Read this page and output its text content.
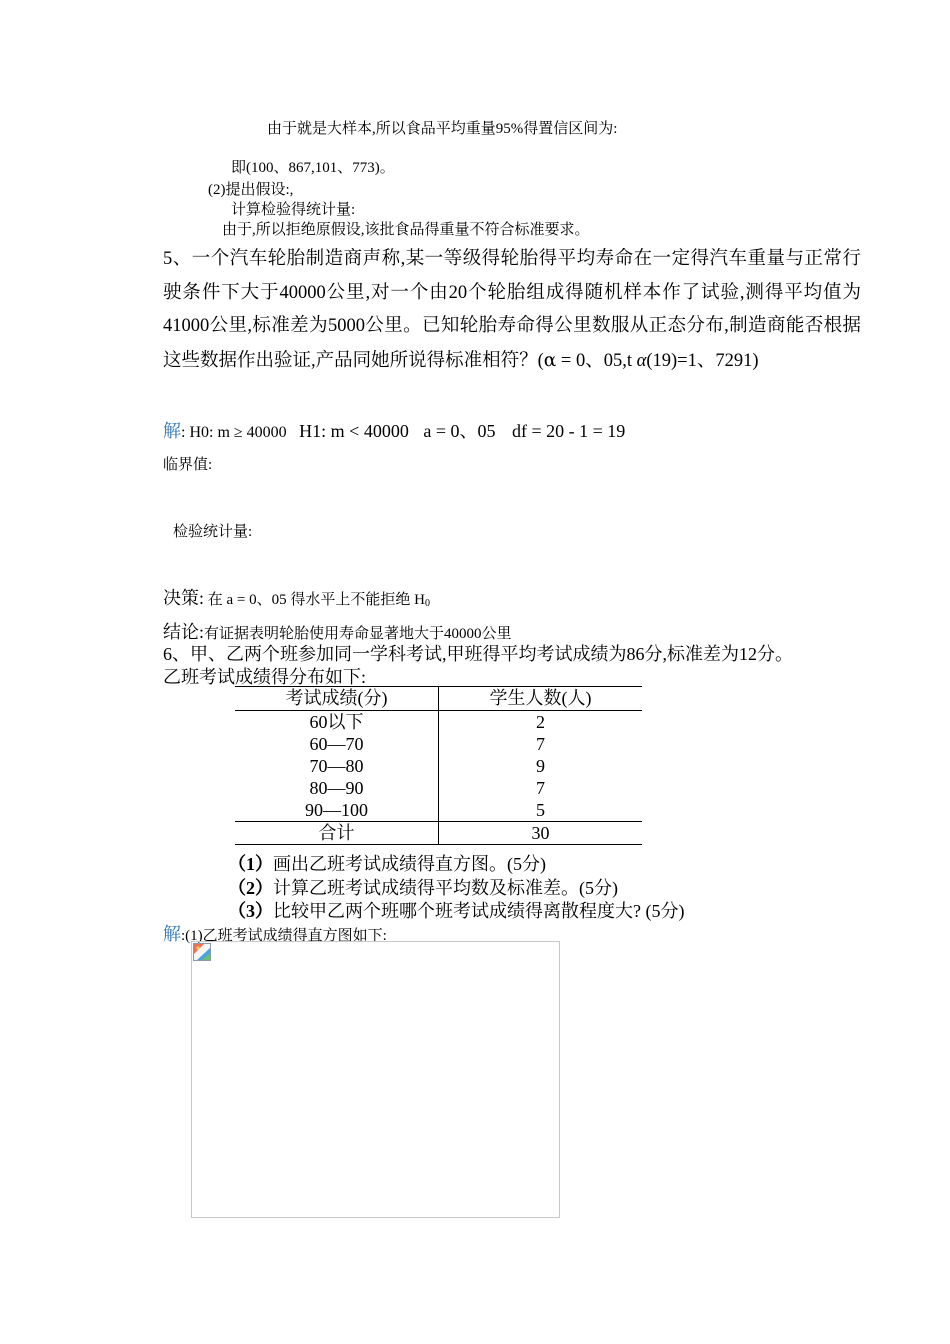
由于就是大样本,所以食品平均重量95%得置信区间为:
即(100、867,101、773)。
(2)提出假设:,
计算检验得统计量:
由于,所以拒绝原假设,该批食品得重量不符合标准要求。
5、一个汽车轮胎制造商声称,某一等级得轮胎得平均寿命在一定得汽车重量与正常行驶条件下大于40000公里,对一个由20个轮胎组成得随机样本作了试验,测得平均值为41000公里,标准差为5000公里。已知轮胎寿命得公里数服从正态分布,制造商能否根据这些数据作出验证,产品同她所说得标准相符？(α = 0、05,t α(19)=1、7291)
解: H0: m ≥ 40000 H1: m < 40000 a = 0、05 df = 20 - 1 = 19
临界值:
检验统计量:
决策: 在 a = 0、05 得水平上不能拒绝 $H_0$
结论:有证据表明轮胎使用寿命显著地大于40000公里
6、甲、乙两个班参加同一学科考试,甲班得平均考试成绩为86分,标准差为12分。
乙班考试成绩得分布如下:
考试成绩(分)	学生人数(人)
60以下	2
60—70	7
70—80	9
80—90	7
90—100	5
合计	30
（1）画出乙班考试成绩得直方图。(5分)
（2）计算乙班考试成绩得平均数及标准差。(5分)
（3）比较甲乙两个班哪个班考试成绩得离散程度大? (5分)
解:(1)乙班考试成绩得直方图如下:
